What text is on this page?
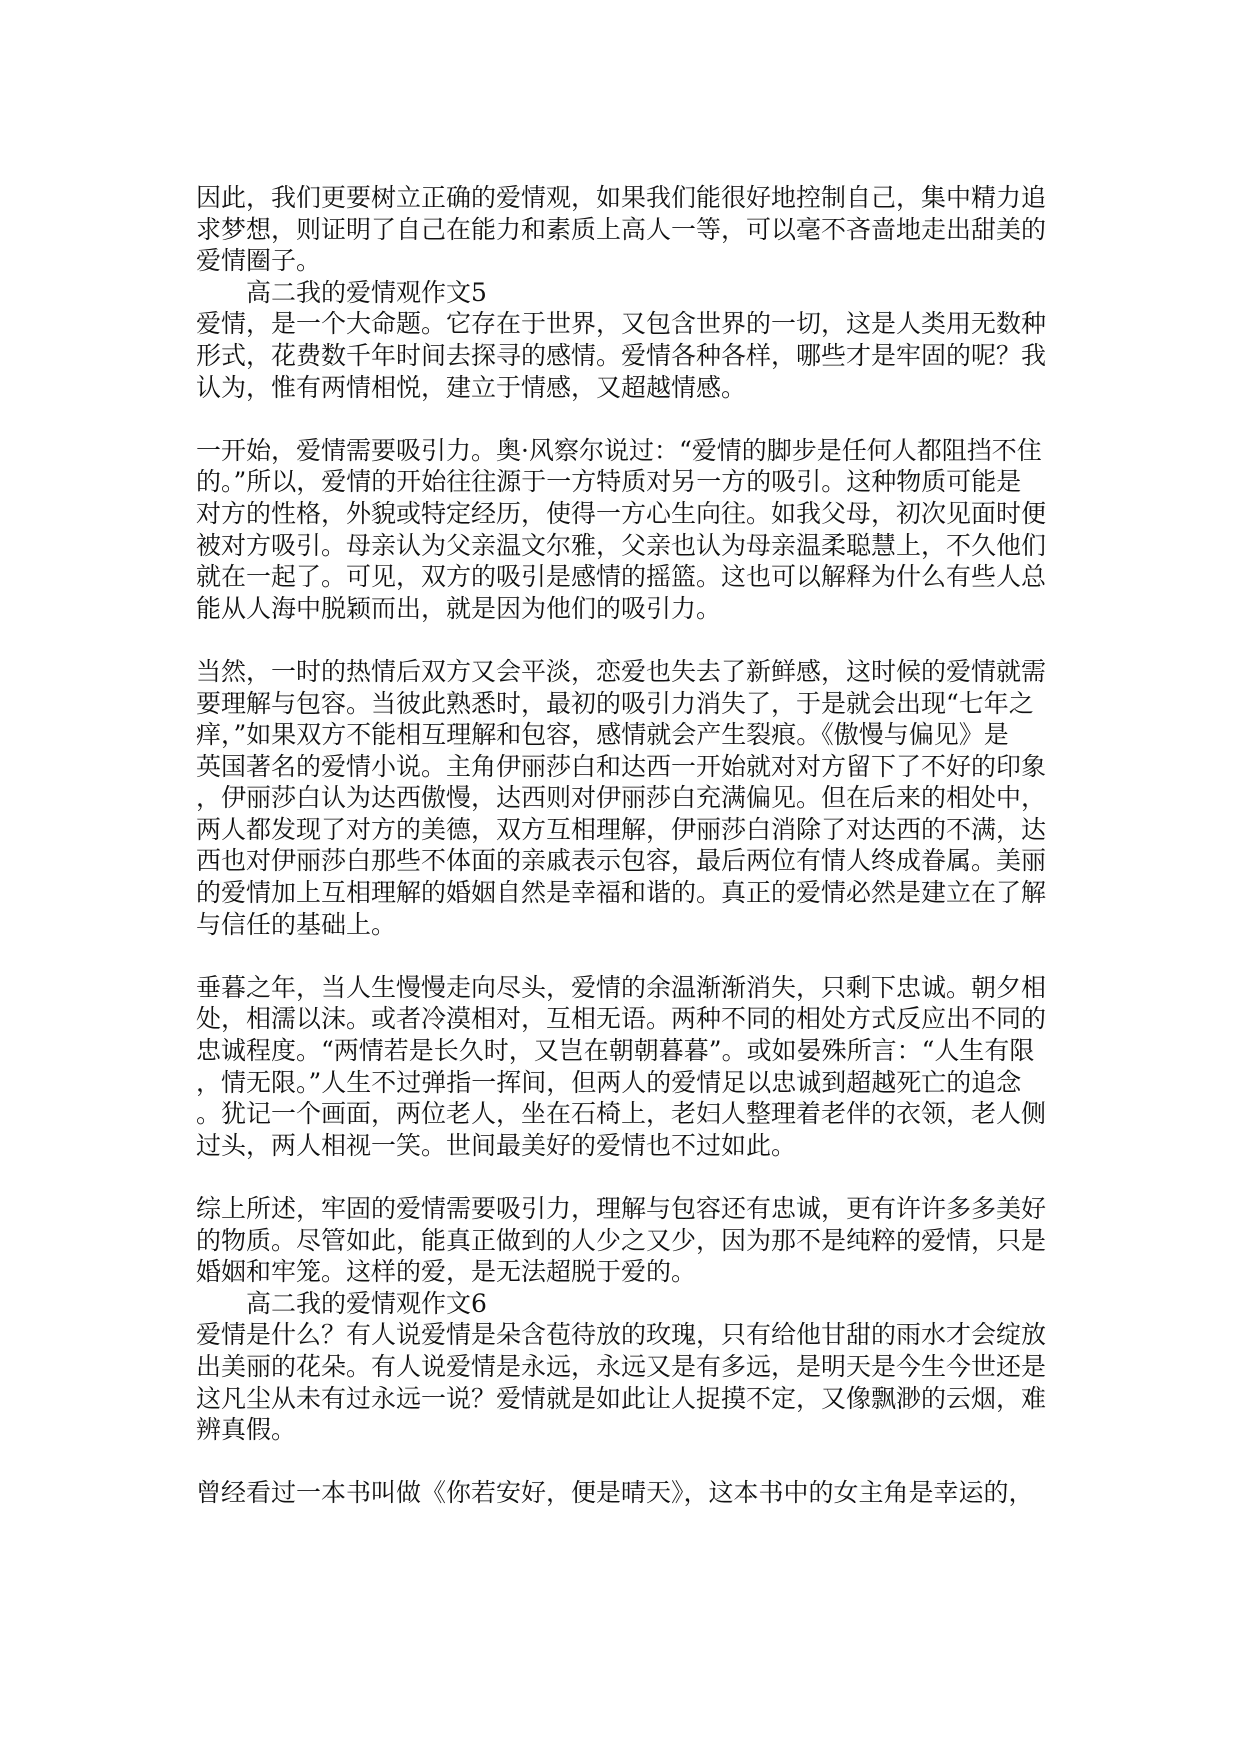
因此，我们更要树立正确的爱情观，如果我们能很好地控制自己，集中精力追
求梦想，则证明了自己在能力和素质上高人一等，可以毫不吝啬地走出甜美的
爱情圈子。
高二我的爱情观作文5
爱情，是一个大命题。它存在于世界，又包含世界的一切，这是人类用无数种
形式，花费数千年时间去探寻的感情。爱情各种各样，哪些才是牢固的呢？我
认为，惟有两情相悦，建立于情感，又超越情感。
一开始，爱情需要吸引力。奥·风察尔说过：“爱情的脚步是任何人都阻挡不住
的。”所以，爱情的开始往往源于一方特质对另一方的吸引。这种物质可能是
对方的性格，外貌或特定经历，使得一方心生向往。如我父母，初次见面时便
被对方吸引。母亲认为父亲温文尔雅，父亲也认为母亲温柔聪慧上，不久他们
就在一起了。可见，双方的吸引是感情的摇篮。这也可以解释为什么有些人总
能从人海中脱颖而出，就是因为他们的吸引力。
当然，一时的热情后双方又会平淡，恋爱也失去了新鲜感，这时候的爱情就需
要理解与包容。当彼此熟悉时，最初的吸引力消失了，于是就会出现“七年之
痒，”如果双方不能相互理解和包容，感情就会产生裂痕。《傲慢与偏见》是
英国著名的爱情小说。主角伊丽莎白和达西一开始就对对方留下了不好的印象
，伊丽莎白认为达西傲慢，达西则对伊丽莎白充满偏见。但在后来的相处中，
两人都发现了对方的美德，双方互相理解，伊丽莎白消除了对达西的不满，达
西也对伊丽莎白那些不体面的亲戚表示包容，最后两位有情人终成眷属。美丽
的爱情加上互相理解的婚姻自然是幸福和谐的。真正的爱情必然是建立在了解
与信任的基础上。
垂暮之年，当人生慢慢走向尽头，爱情的余温渐渐消失，只剩下忠诚。朝夕相
处，相濡以沫。或者冷漠相对，互相无语。两种不同的相处方式反应出不同的
忠诚程度。“两情若是长久时，又岂在朝朝暮暮”。或如晏殊所言：“人生有限
，情无限。”人生不过弹指一挥间，但两人的爱情足以忠诚到超越死亡的追念
。犹记一个画面，两位老人，坐在石椅上，老妇人整理着老伴的衣领，老人侧
过头，两人相视一笑。世间最美好的爱情也不过如此。
综上所述，牢固的爱情需要吸引力，理解与包容还有忠诚，更有许许多多美好
的物质。尽管如此，能真正做到的人少之又少，因为那不是纯粹的爱情，只是
婚姻和牢笼。这样的爱，是无法超脱于爱的。
高二我的爱情观作文6
爱情是什么？有人说爱情是朵含苞待放的玫瑰，只有给他甘甜的雨水才会绽放
出美丽的花朵。有人说爱情是永远，永远又是有多远，是明天是今生今世还是
这凡尘从未有过永远一说？爱情就是如此让人捉摸不定，又像飘渺的云烟，难
辨真假。
曾经看过一本书叫做《你若安好，便是晴天》，这本书中的女主角是幸运的，
